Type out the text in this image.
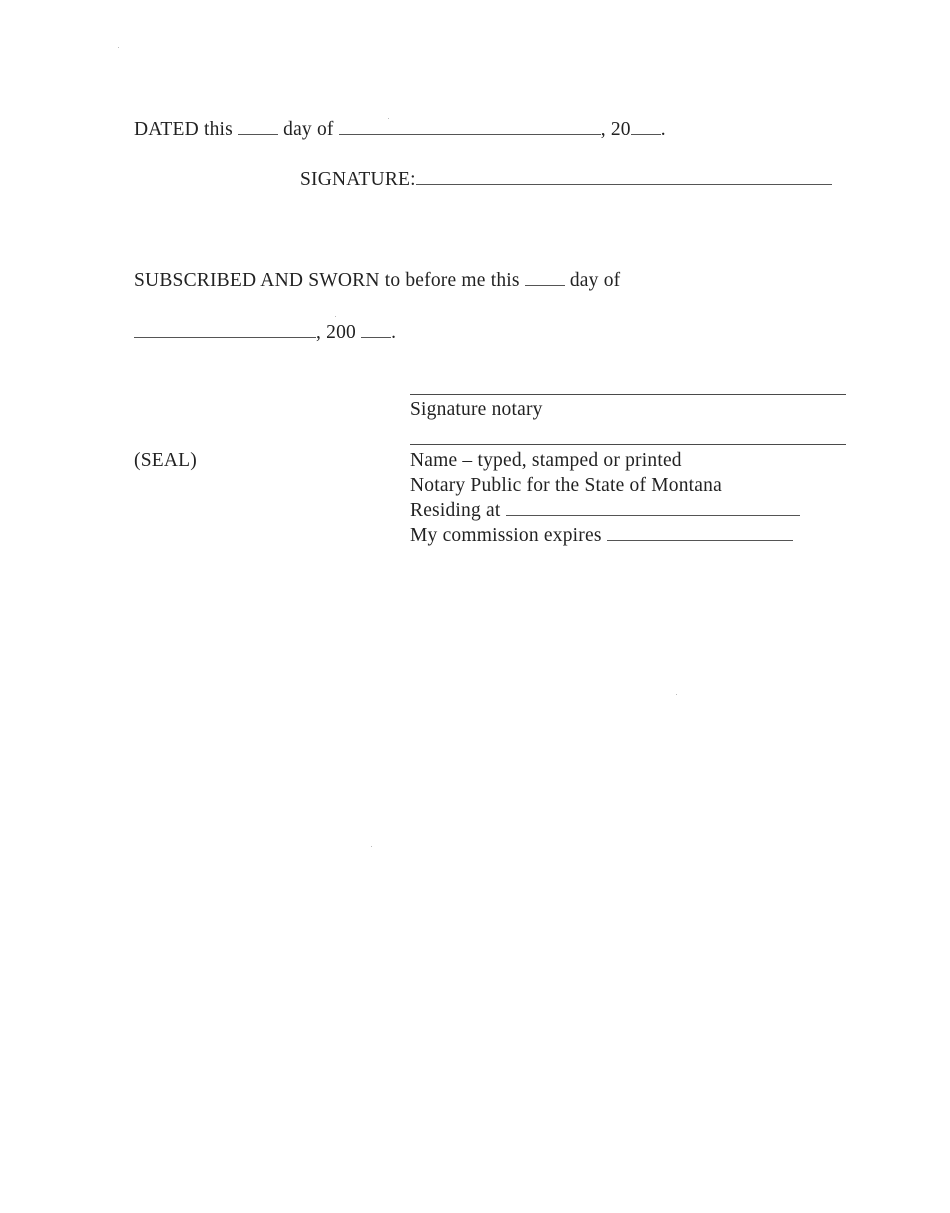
DATED this	day of	, 20 .
SIGNATURE:
SUBSCRIBED AND SWORN to before me this	day of
, 200 .
Signature notary
(SEAL)	Name – typed, stamped or printed
Notary Public for the State of Montana
Residing at
My commission expires
